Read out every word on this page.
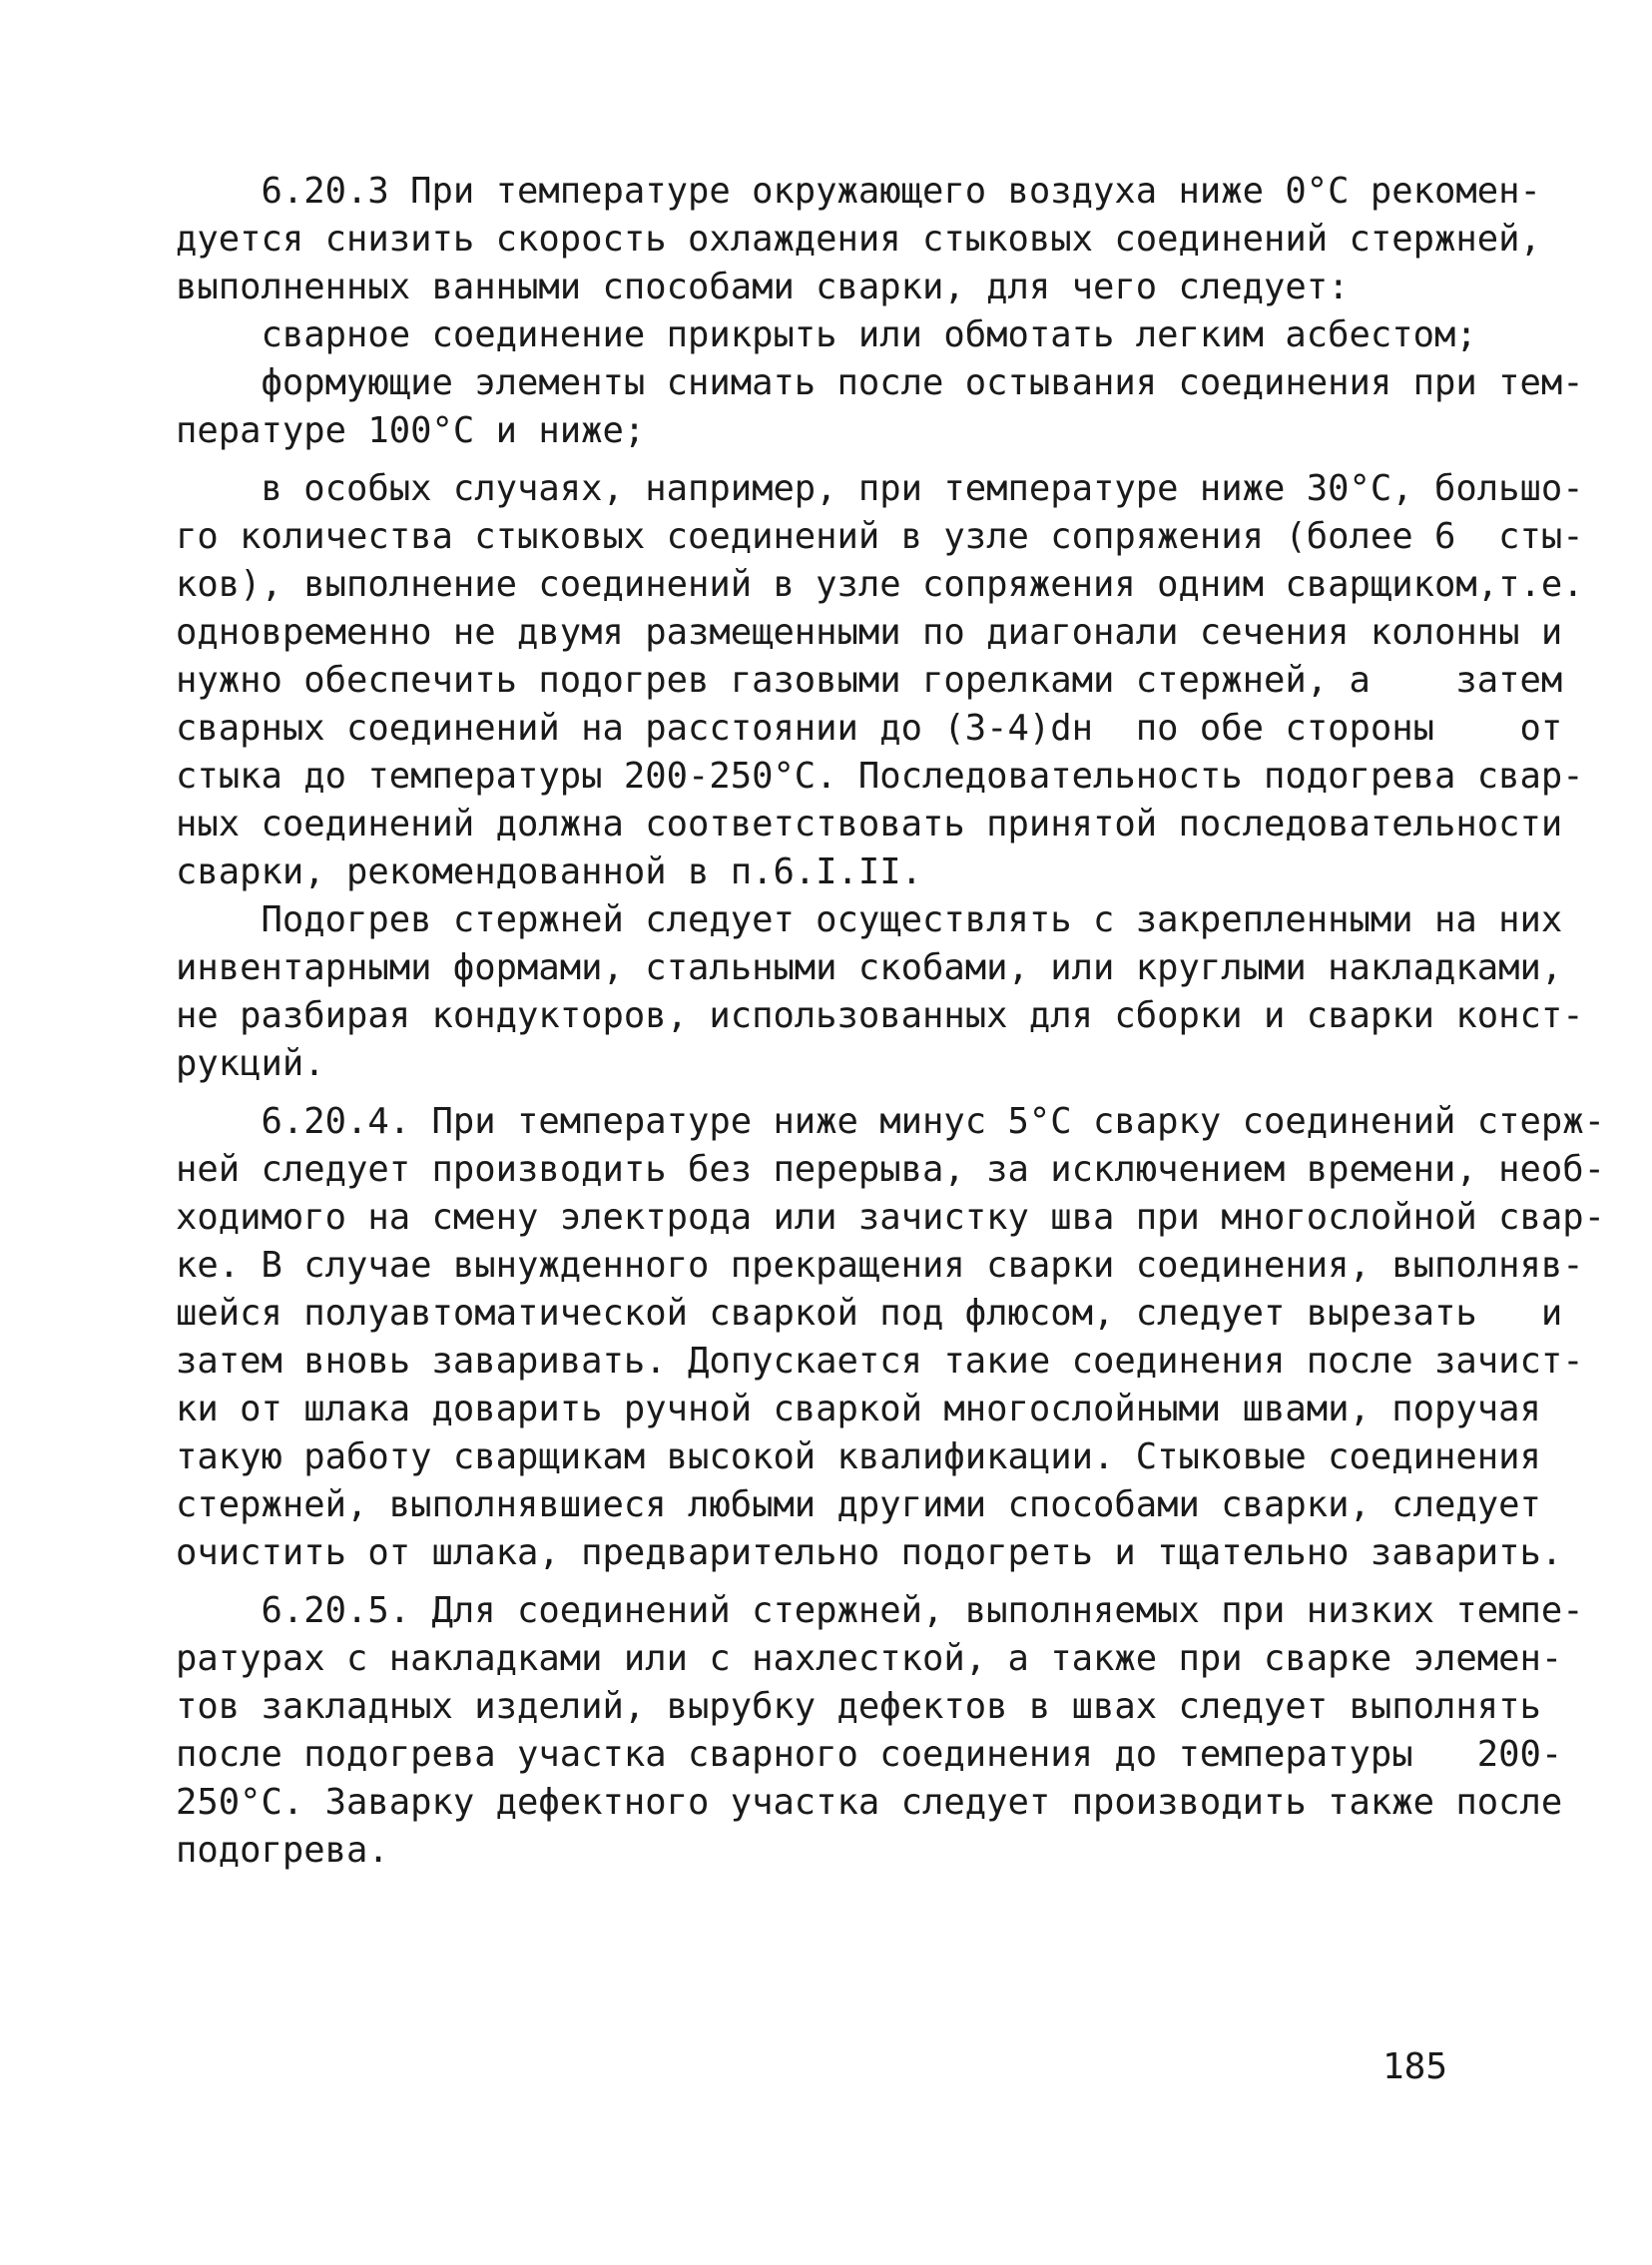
6.20.3 При температуре окружающего воздуха ниже 0°С рекомен-
дуется снизить скорость охлаждения стыковых соединений стержней,
выполненных ванными способами сварки, для чего следует:
сварное соединение прикрыть или обмотать легким асбестом;
формующие элементы снимать после остывания соединения при тем-
пературе 100°С и ниже;
в особых случаях, например, при температуре ниже 30°С, большо-
го количества стыковых соединений в узле сопряжения (более 6  сты-
ков), выполнение соединений в узле сопряжения одним сварщиком,т.е.
одновременно не двумя размещенными по диагонали сечения колонны и
нужно обеспечить подогрев газовыми горелками стержней, а    затем
сварных соединений на расстоянии до (3-4)dн  по обе стороны    от
стыка до температуры 200-250°С. Последовательность подогрева свар-
ных соединений должна соответствовать принятой последовательности
сварки, рекомендованной в п.6.I.II.
Подогрев стержней следует осуществлять с закрепленными на них
инвентарными формами, стальными скобами, или круглыми накладками,
не разбирая кондукторов, использованных для сборки и сварки конст-
рукций.
6.20.4. При температуре ниже минус 5°С сварку соединений стерж-
ней следует производить без перерыва, за исключением времени, необ-
ходимого на смену электрода или зачистку шва при многослойной свар-
ке. В случае вынужденного прекращения сварки соединения, выполняв-
шейся полуавтоматической сваркой под флюсом, следует вырезать   и
затем вновь заваривать. Допускается такие соединения после зачист-
ки от шлака доварить ручной сваркой многослойными швами, поручая
такую работу сварщикам высокой квалификации. Стыковые соединения
стержней, выполнявшиеся любыми другими способами сварки, следует
очистить от шлака, предварительно подогреть и тщательно заварить.
6.20.5. Для соединений стержней, выполняемых при низких темпе-
ратурах с накладками или с нахлесткой, а также при сварке элемен-
тов закладных изделий, вырубку дефектов в швах следует выполнять
после подогрева участка сварного соединения до температуры   200-
250°С. Заварку дефектного участка следует производить также после
подогрева.
185
